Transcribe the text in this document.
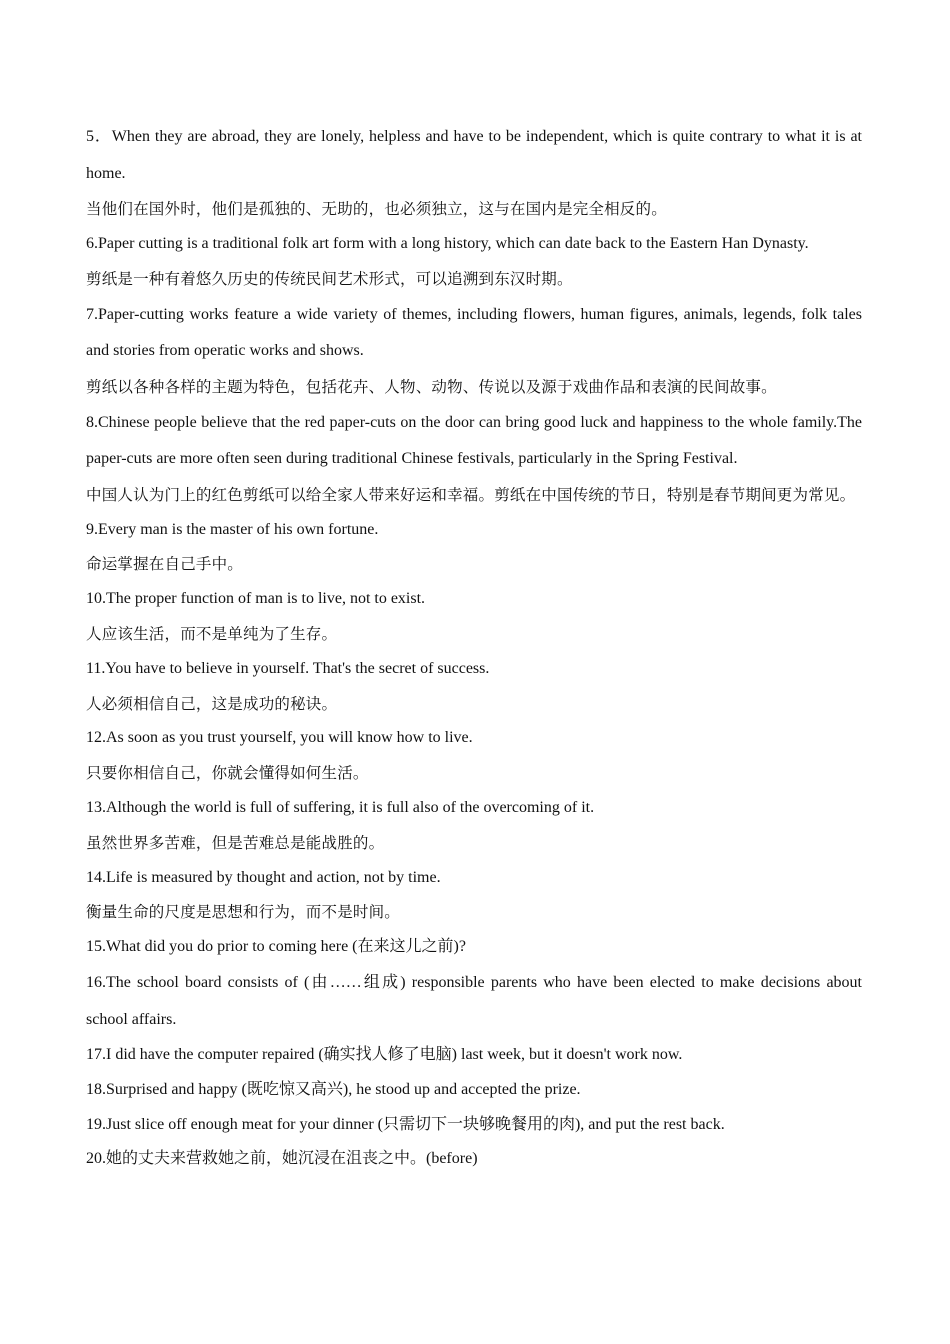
5．When they are abroad, they are lonely, helpless and have to be independent, which is quite contrary to what it is at home.

当他们在国外时，他们是孤独的、无助的，也必须独立，这与在国内是完全相反的。

6.Paper cutting is a traditional folk art form with a long history, which can date back to the Eastern Han Dynasty.

剪纸是一种有着悠久历史的传统民间艺术形式，可以追溯到东汉时期。

7.Paper-cutting works feature a wide variety of themes, including flowers, human figures, animals, legends, folk tales and stories from operatic works and shows.

剪纸以各种各样的主题为特色，包括花卉、人物、动物、传说以及源于戏曲作品和表演的民间故事。

8.Chinese people believe that the red paper-cuts on the door can bring good luck and happiness to the whole family.The paper-cuts are more often seen during traditional Chinese festivals, particularly in the Spring Festival.

中国人认为门上的红色剪纸可以给全家人带来好运和幸福。剪纸在中国传统的节日，特别是春节期间更为常见。

9.Every man is the master of his own fortune.

命运掌握在自己手中。

10.The proper function of man is to live, not to exist.

人应该生活，而不是单纯为了生存。

11.You have to believe in yourself. That's the secret of success.

人必须相信自己，这是成功的秘诀。

12.As soon as you trust yourself, you will know how to live.

只要你相信自己，你就会懂得如何生活。

13.Although the world is full of suffering, it is full also of the overcoming of it.

虽然世界多苦难，但是苦难总是能战胜的。

14.Life is measured by thought and action, not by time.

衡量生命的尺度是思想和行为，而不是时间。

15.What did you do prior to coming here (在来这儿之前)?

16.The school board consists of (由……组成) responsible parents who have been elected to make decisions about school affairs.

17.I did have the computer repaired (确实找人修了电脑) last week, but it doesn't work now.

18.Surprised and happy (既吃惊又高兴), he stood up and accepted the prize.

19.Just slice off enough meat for your dinner (只需切下一块够晚餐用的肉), and put the rest back.

20.她的丈夫来营救她之前，她沉浸在沮丧之中。(before)
